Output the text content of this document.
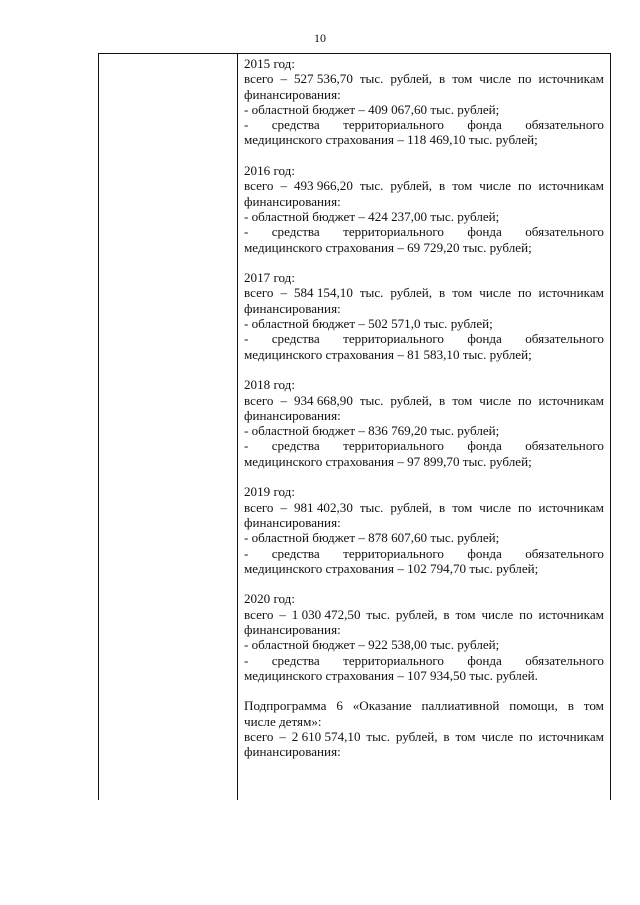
10
2015 год:
всего – 527 536,70 тыс. рублей, в том числе по источникам
финансирования:
- областной бюджет – 409 067,60 тыс. рублей;
- средства территориального фонда обязательного
медицинского страхования – 118 469,10 тыс. рублей;
2016 год:
всего – 493 966,20 тыс. рублей, в том числе по источникам
финансирования:
- областной бюджет – 424 237,00 тыс. рублей;
- средства территориального фонда обязательного
медицинского страхования – 69 729,20 тыс. рублей;
2017 год:
всего – 584 154,10 тыс. рублей, в том числе по источникам
финансирования:
- областной бюджет – 502 571,0 тыс. рублей;
- средства территориального фонда обязательного
медицинского страхования – 81 583,10 тыс. рублей;
2018 год:
всего – 934 668,90 тыс. рублей, в том числе по источникам
финансирования:
- областной бюджет – 836 769,20 тыс. рублей;
- средства территориального фонда обязательного
медицинского страхования – 97 899,70 тыс. рублей;
2019 год:
всего – 981 402,30 тыс. рублей, в том числе по источникам
финансирования:
- областной бюджет – 878 607,60 тыс. рублей;
- средства территориального фонда обязательного
медицинского страхования – 102 794,70 тыс. рублей;
2020 год:
всего – 1 030 472,50 тыс. рублей, в том числе по источникам
финансирования:
- областной бюджет – 922 538,00 тыс. рублей;
- средства территориального фонда обязательного
медицинского страхования – 107 934,50 тыс. рублей.
Подпрограмма 6 «Оказание паллиативной помощи, в том
числе детям»:
всего – 2 610 574,10 тыс. рублей, в том числе по источникам
финансирования:
